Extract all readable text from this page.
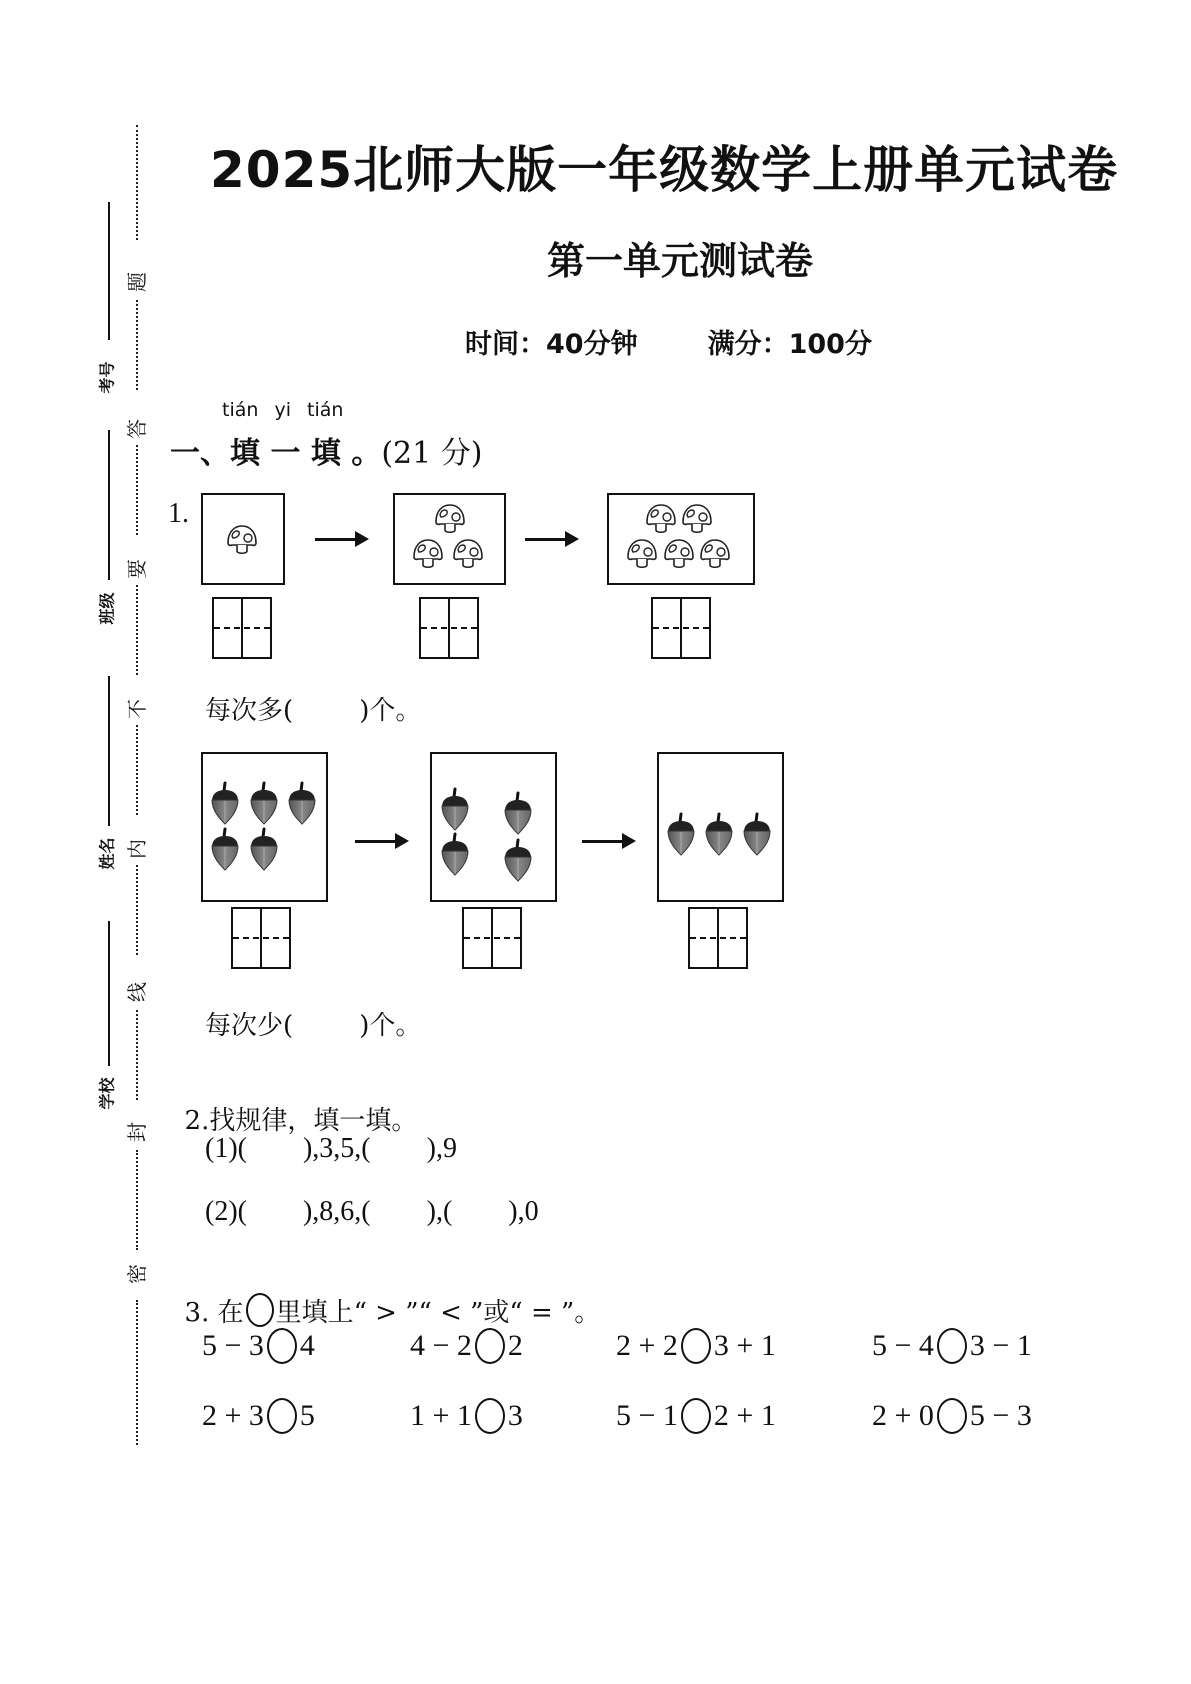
题
答
要
不
内
线
封
密
考号
班级
姓名
学校
2025北师大版一年级数学上册单元试卷
第一单元测试卷
时间：40分钟	满分：100分
tián yi tián
一、填 一 填 。(21 分)
1.
每次多(        )个。
每次少(        )个。

2.找规律，填一填。

(1)(        ),3,5,(        ),9
(2)(        ),8,6,(        ),(        ),0

3. 在 里填上“ > ”“ < ”或“ = ”。

5 − 3 4	4 − 2 2	2 + 2 3 + 1	5 − 4 3 − 1
2 + 3 5	1 + 1 3	5 − 1 2 + 1	2 + 0 5 − 3
